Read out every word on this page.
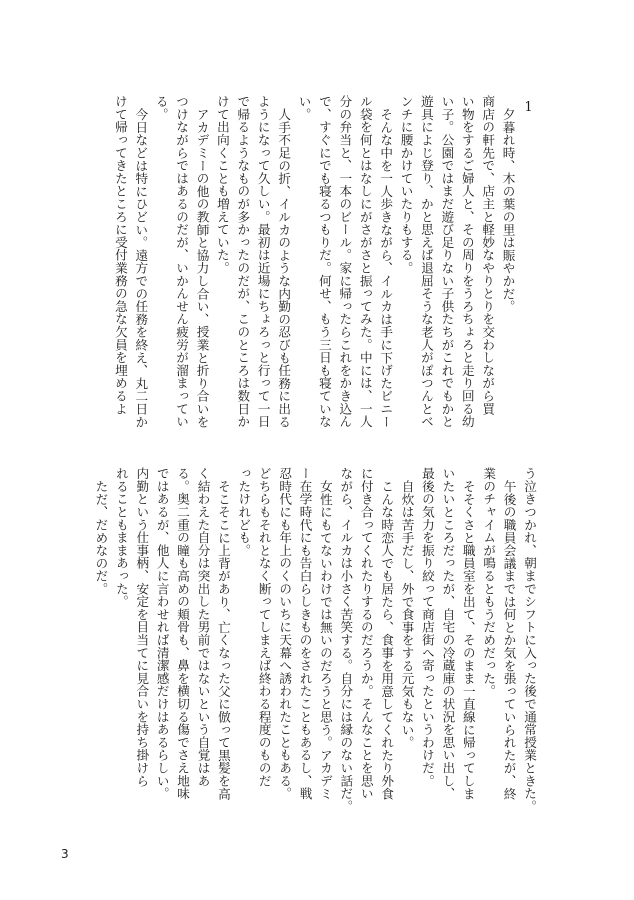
1

夕暮れ時、木の葉の里は賑やかだ。

商店の軒先で、店主と軽妙なやりとりを交わしながら買

い物をするご婦人と、その周りをうろちょろと走り回る幼

い子。公園ではまだ遊び足りない子供たちがこれでもかと

遊具によじ登り、かと思えば退屈そうな老人がぽつんとベ

ンチに腰かけていたりもする。

そんな中を一人歩きながら、イルカは手に下げたビニー

ル袋を何とはなしにがさがさと振ってみた。中には、一人

分の弁当と、一本のビール。家に帰ったらこれをかき込ん

で、すぐにでも寝るつもりだ。何せ、もう三日も寝ていな

い。

人手不足の折、イルカのような内勤の忍びも任務に出る

ようになって久しい。最初は近場にちょろっと行って一日

で帰るようなものが多かったのだが、このところは数日か

けて出向くことも増えていた。

アカデミーの他の教師と協力し合い、授業と折り合いを

つけながらではあるのだが、いかんせん疲労が溜まってい

る。

今日などは特にひどい。遠方での任務を終え、丸二日か

けて帰ってきたところに受付業務の急な欠員を埋めるよ

う泣きつかれ、朝までシフトに入った後で通常授業ときた。

午後の職員会議までは何とか気を張っていられたが、終

業のチャイムが鳴るともうだめだった。

そそくさと職員室を出て、そのまま一直線に帰ってしま

いたいところだったが、自宅の冷蔵庫の状況を思い出し、

最後の気力を振り絞って商店街へ寄ったというわけだ。

自炊は苦手だし、外で食事をする元気もない。

こんな時恋人でも居たら、食事を用意してくれたり外食

に付き合ってくれたりするのだろうか。そんなことを思い

ながら、イルカは小さく苦笑する。自分には縁のない話だ。

女性にもてないわけでは無いのだろうと思う。アカデミ

ー在学時代にも告白らしきものをされたこともあるし、戦

忍時代にも年上のくのいちに天幕へ誘われたこともある。

どちらもそれとなく断ってしまえば終わる程度のものだ

ったけれども。

そこそこに上背があり、亡くなった父に倣って黒髪を高

く結わえた自分は突出した男前ではないという自覚はあ

る。奥二重の瞳も高めの頬骨も、鼻を横切る傷でさえ地味

ではあるが、他人に言わせれば清潔感だけはあるらしい。

内勤という仕事柄、安定を目当てに見合いを持ち掛けら

れることもままあった。

ただ、だめなのだ。

3
